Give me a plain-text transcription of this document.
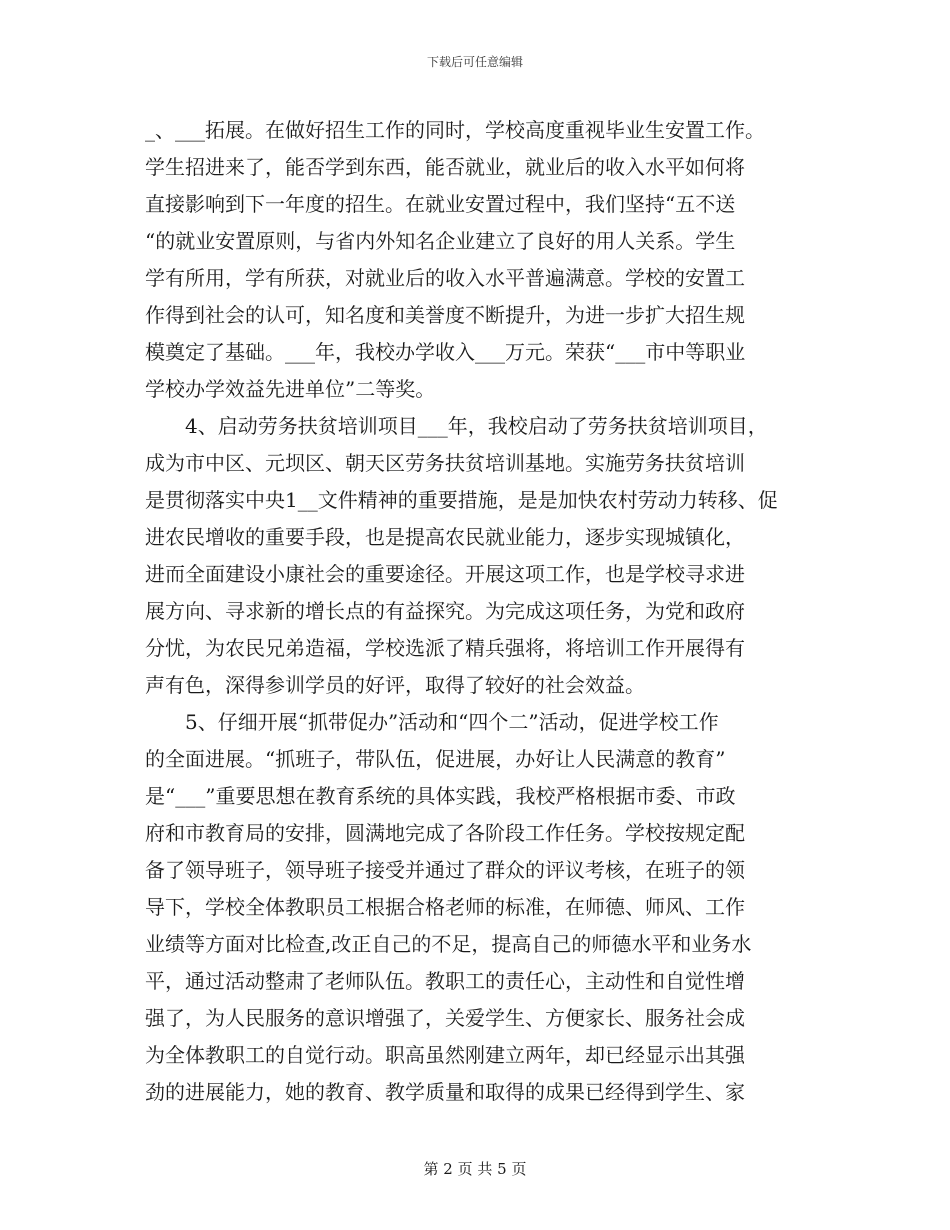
下载后可任意编辑
_、___拓展。在做好招生工作的同时，学校高度重视毕业生安置工作。
学生招进来了，能否学到东西，能否就业，就业后的收入水平如何将
直接影响到下一年度的招生。在就业安置过程中，我们坚持“五不送
“的就业安置原则，与省内外知名企业建立了良好的用人关系。学生
学有所用，学有所获，对就业后的收入水平普遍满意。学校的安置工
作得到社会的认可，知名度和美誉度不断提升，为进一步扩大招生规
模奠定了基础。___年，我校办学收入___万元。荣获“___市中等职业
学校办学效益先进单位”二等奖。
　　4、启动劳务扶贫培训项目___年，我校启动了劳务扶贫培训项目，
成为市中区、元坝区、朝天区劳务扶贫培训基地。实施劳务扶贫培训
是贯彻落实中央1__文件精神的重要措施，是是加快农村劳动力转移、促
进农民增收的重要手段，也是提高农民就业能力，逐步实现城镇化，
进而全面建设小康社会的重要途径。开展这项工作，也是学校寻求进
展方向、寻求新的增长点的有益探究。为完成这项任务，为党和政府
分忧，为农民兄弟造福，学校选派了精兵强将，将培训工作开展得有
声有色，深得参训学员的好评，取得了较好的社会效益。
　　5、仔细开展“抓带促办”活动和“四个二”活动，促进学校工作
的全面进展。“抓班子，带队伍，促进展，办好让人民满意的教育”
是“___”重要思想在教育系统的具体实践，我校严格根据市委、市政
府和市教育局的安排，圆满地完成了各阶段工作任务。学校按规定配
备了领导班子，领导班子接受并通过了群众的评议考核，在班子的领
导下，学校全体教职员工根据合格老师的标准，在师德、师风、工作
业绩等方面对比检查,改正自己的不足，提高自己的师德水平和业务水
平，通过活动整肃了老师队伍。教职工的责任心，主动性和自觉性增
强了，为人民服务的意识增强了，关爱学生、方便家长、服务社会成
为全体教职工的自觉行动。职高虽然刚建立两年，却已经显示出其强
劲的进展能力，她的教育、教学质量和取得的成果已经得到学生、家
第 2 页 共 5 页
